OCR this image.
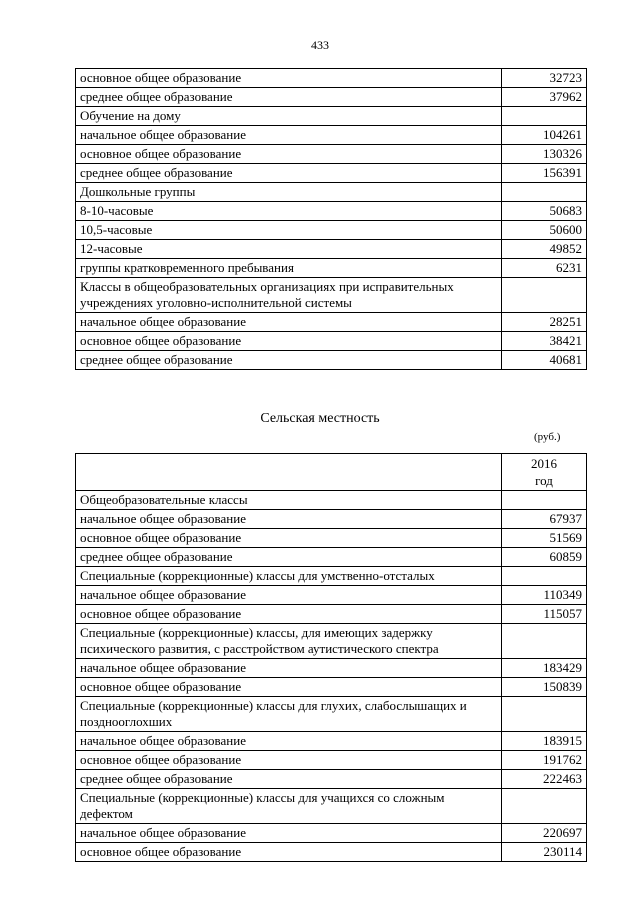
433
основное общее образование	32723
среднее общее образование	37962
Обучение на дому	
начальное общее образование	104261
основное общее образование	130326
среднее общее образование	156391
Дошкольные группы	
8-10-часовые	50683
10,5-часовые	50600
12-часовые	49852
группы кратковременного пребывания	6231
Классы в общеобразовательных организациях при исправительных учреждениях уголовно-исполнительной системы	
начальное общее образование	28251
основное общее образование	38421
среднее общее образование	40681
Сельская местность
(руб.)

	2016
год

Общеобразовательные классы	
начальное общее образование	67937
основное общее образование	51569
среднее общее образование	60859
Специальные (коррекционные) классы для умственно-отсталых	
начальное общее образование	110349
основное общее образование	115057
Специальные (коррекционные) классы, для имеющих задержку психического развития, с расстройством аутистического спектра	
начальное общее образование	183429
основное общее образование	150839
Специальные (коррекционные) классы для глухих, слабослышащих и позднооглохших	
начальное общее образование	183915
основное общее образование	191762
среднее общее образование	222463
Специальные (коррекционные) классы для учащихся со сложным дефектом	
начальное общее образование	220697
основное общее образование	230114
